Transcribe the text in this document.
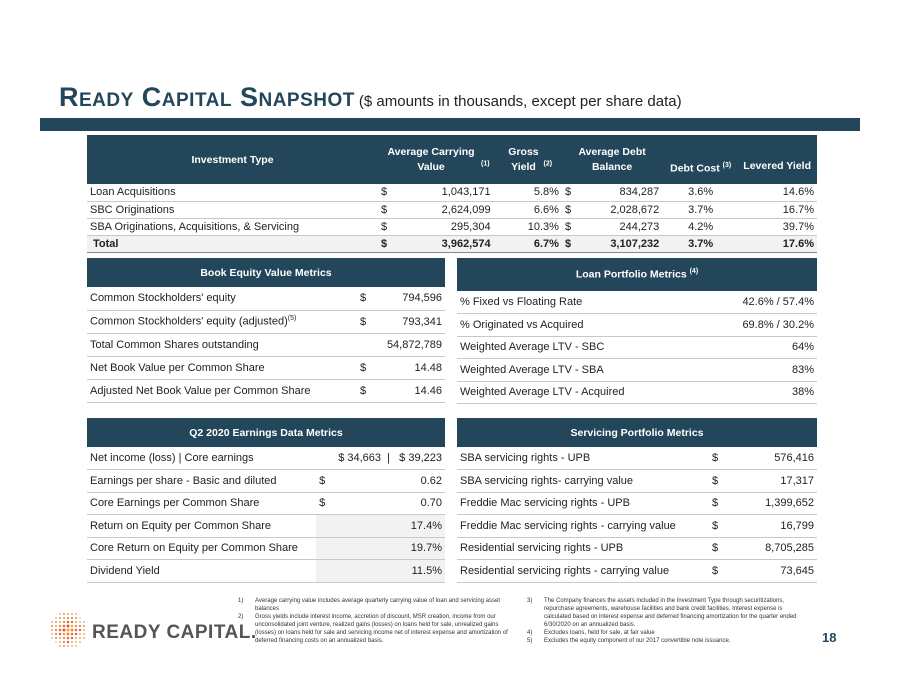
Ready Capital Snapshot ($ amounts in thousands, except per share data)
Investment Type	Average Carrying Value $^{(1)}$		Gross Yield $^{(2)}$	Average Debt Balance		Debt Cost $^{(3)}$	Levered Yield
Loan Acquisitions	$	1,043,171	5.8%	$	834,287	3.6%	14.6%
SBC Originations	$	2,624,099	6.6%	$	2,028,672	3.7%	16.7%
SBA Originations, Acquisitions, & Servicing	$	295,304	10.3%	$	244,273	4.2%	39.7%
Total	$	3,962,574	6.7%	$	3,107,232	3.7%	17.6%
Book Equity Value Metrics		
Common Stockholders' equity	$	794,596
Common Stockholders' equity (adjusted)$^{(5)}$	$	793,341
Total Common Shares outstanding		54,872,789
Net Book Value per Common Share	$	14.48
Adjusted Net Book Value per Common Share	$	14.46
Loan Portfolio Metrics $^{(4)}$
% Fixed vs Floating Rate	42.6% / 57.4%
% Originated vs Acquired	69.8% / 30.2%
Weighted Average LTV - SBC	64%
Weighted Average LTV - SBA	83%
Weighted Average LTV - Acquired	38%
Q2 2020 Earnings Data Metrics		
Net income (loss) | Core earnings		$ 34,663  |   $ 39,223
Earnings per share - Basic and diluted	$	0.62
Core Earnings per Common Share	$	0.70
Return on Equity per Common Share		17.4%
Core Return on Equity per Common Share		19.7%
Dividend Yield		11.5%
Servicing Portfolio Metrics		
SBA servicing rights - UPB	$	576,416
SBA servicing rights- carrying value	$	17,317
Freddie Mac servicing rights - UPB	$	1,399,652
Freddie Mac servicing rights - carrying value	$	16,799
Residential servicing rights - UPB	$	8,705,285
Residential servicing rights - carrying value	$	73,645
1)	Average carrying value includes average quarterly carrying value of loan and servicing asset balances
2)	Gross yields include interest income, accretion of discount, MSR creation, income from our unconsolidated joint venture, realized gains (losses) on loans held for sale, unrealized gains (losses) on loans held for sale and servicing income net of interest expense and amortization of deferred financing costs on an annualized basis.
3)	The Company finances the assets included in the Investment Type through securitizations, repurchase agreements, warehouse facilities and bank credit facilities. Interest expense is calculated based on interest expense and deferred financing amortization for the quarter ended 6/30/2020 on an annualized basis.
4)	Excludes loans, held for sale, at fair value
5)	Excludes the equity component of our 2017 convertible note issuance.
READY CAPITAL.	18
